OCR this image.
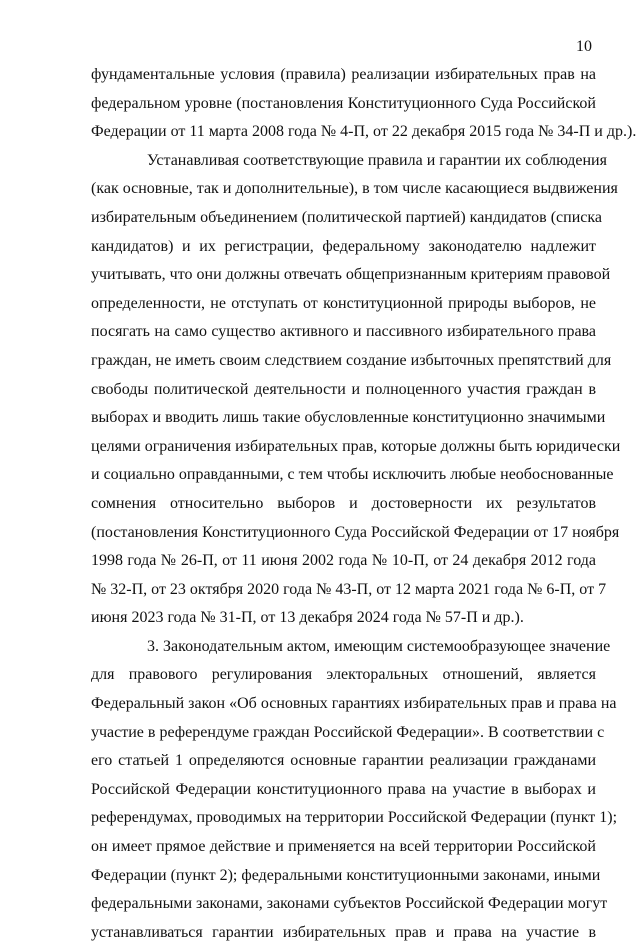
10
фундаментальные условия (правила) реализации избирательных прав на
федеральном уровне (постановления Конституционного Суда Российской
Федерации от 11 марта 2008 года № 4-П, от 22 декабря 2015 года № 34-П и др.).
Устанавливая соответствующие правила и гарантии их соблюдения
(как основные, так и дополнительные), в том числе касающиеся выдвижения
избирательным объединением (политической партией) кандидатов (списка
кандидатов) и их регистрации, федеральному законодателю надлежит
учитывать, что они должны отвечать общепризнанным критериям правовой
определенности, не отступать от конституционной природы выборов, не
посягать на само существо активного и пассивного избирательного права
граждан, не иметь своим следствием создание избыточных препятствий для
свободы политической деятельности и полноценного участия граждан в
выборах и вводить лишь такие обусловленные конституционно значимыми
целями ограничения избирательных прав, которые должны быть юридически
и социально оправданными, с тем чтобы исключить любые необоснованные
сомнения относительно выборов и достоверности их результатов
(постановления Конституционного Суда Российской Федерации от 17 ноября
1998 года № 26-П, от 11 июня 2002 года № 10-П, от 24 декабря 2012 года
№ 32-П, от 23 октября 2020 года № 43-П, от 12 марта 2021 года № 6-П, от 7
июня 2023 года № 31-П, от 13 декабря 2024 года № 57-П и др.).
3. Законодательным актом, имеющим системообразующее значение
для правового регулирования электоральных отношений, является
Федеральный закон «Об основных гарантиях избирательных прав и права на
участие в референдуме граждан Российской Федерации». В соответствии с
его статьей 1 определяются основные гарантии реализации гражданами
Российской Федерации конституционного права на участие в выборах и
референдумах, проводимых на территории Российской Федерации (пункт 1);
он имеет прямое действие и применяется на всей территории Российской
Федерации (пункт 2); федеральными конституционными законами, иными
федеральными законами, законами субъектов Российской Федерации могут
устанавливаться гарантии избирательных прав и права на участие в
